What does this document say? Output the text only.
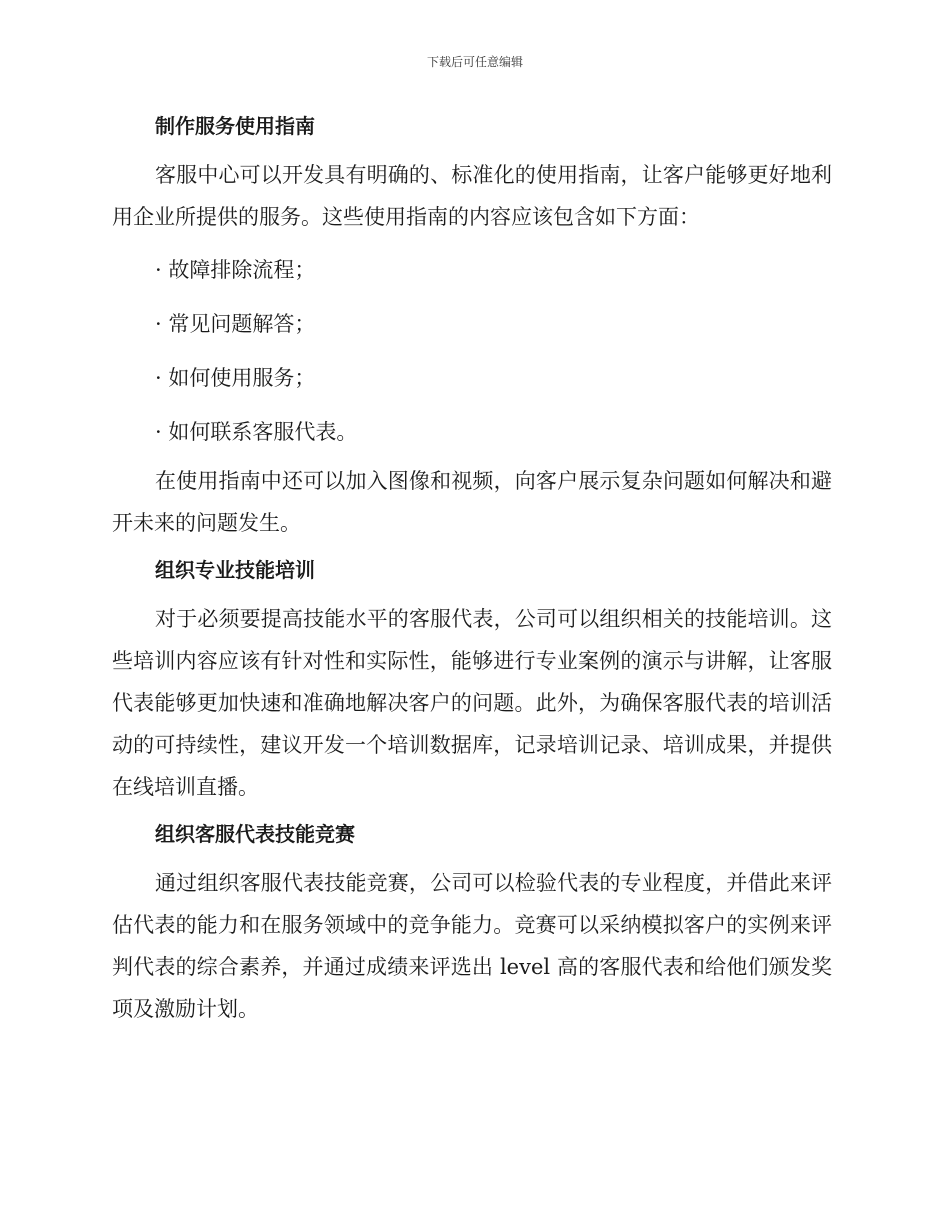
下载后可任意编辑

制作服务使用指南

客服中心可以开发具有明确的、标准化的使用指南，让客户能够更好地利用企业所提供的服务。这些使用指南的内容应该包含如下方面：

· 故障排除流程；

· 常见问题解答；

· 如何使用服务；

· 如何联系客服代表。

在使用指南中还可以加入图像和视频，向客户展示复杂问题如何解决和避开未来的问题发生。

组织专业技能培训

对于必须要提高技能水平的客服代表，公司可以组织相关的技能培训。这些培训内容应该有针对性和实际性，能够进行专业案例的演示与讲解，让客服代表能够更加快速和准确地解决客户的问题。此外，为确保客服代表的培训活动的可持续性，建议开发一个培训数据库，记录培训记录、培训成果，并提供在线培训直播。

组织客服代表技能竞赛

通过组织客服代表技能竞赛，公司可以检验代表的专业程度，并借此来评估代表的能力和在服务领域中的竞争能力。竞赛可以采纳模拟客户的实例来评判代表的综合素养，并通过成绩来评选出 level 高的客服代表和给他们颁发奖项及激励计划。
